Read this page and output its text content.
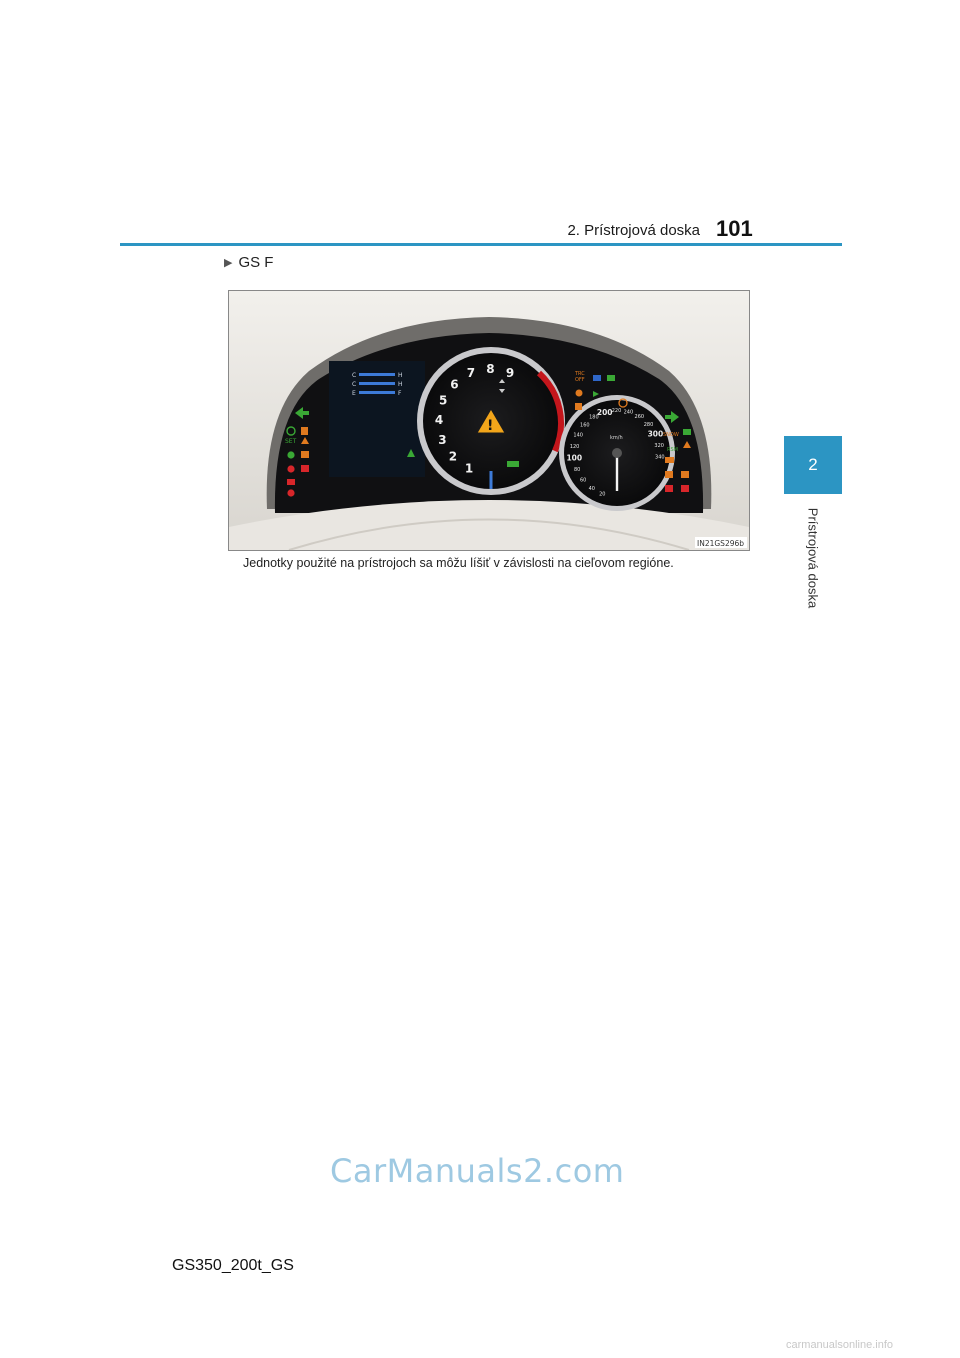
2. Prístrojová doska 101
2
Prístrojová doska
▶ GS F
C	H
C	H
E	F
SET
1
2
3
4
5
6
7 8 9
!
20
40
60
80
100
120
140
160
180
200 220 240
260
280
300
320
340
km/h
TRC
OFF
SNOW
RSM
IN21GS296b
Jednotky použité na prístrojoch sa môžu líšiť v závislosti na cieľovom regióne.
CarManuals2.com
GS350_200t_GS
carmanualsonline.info
